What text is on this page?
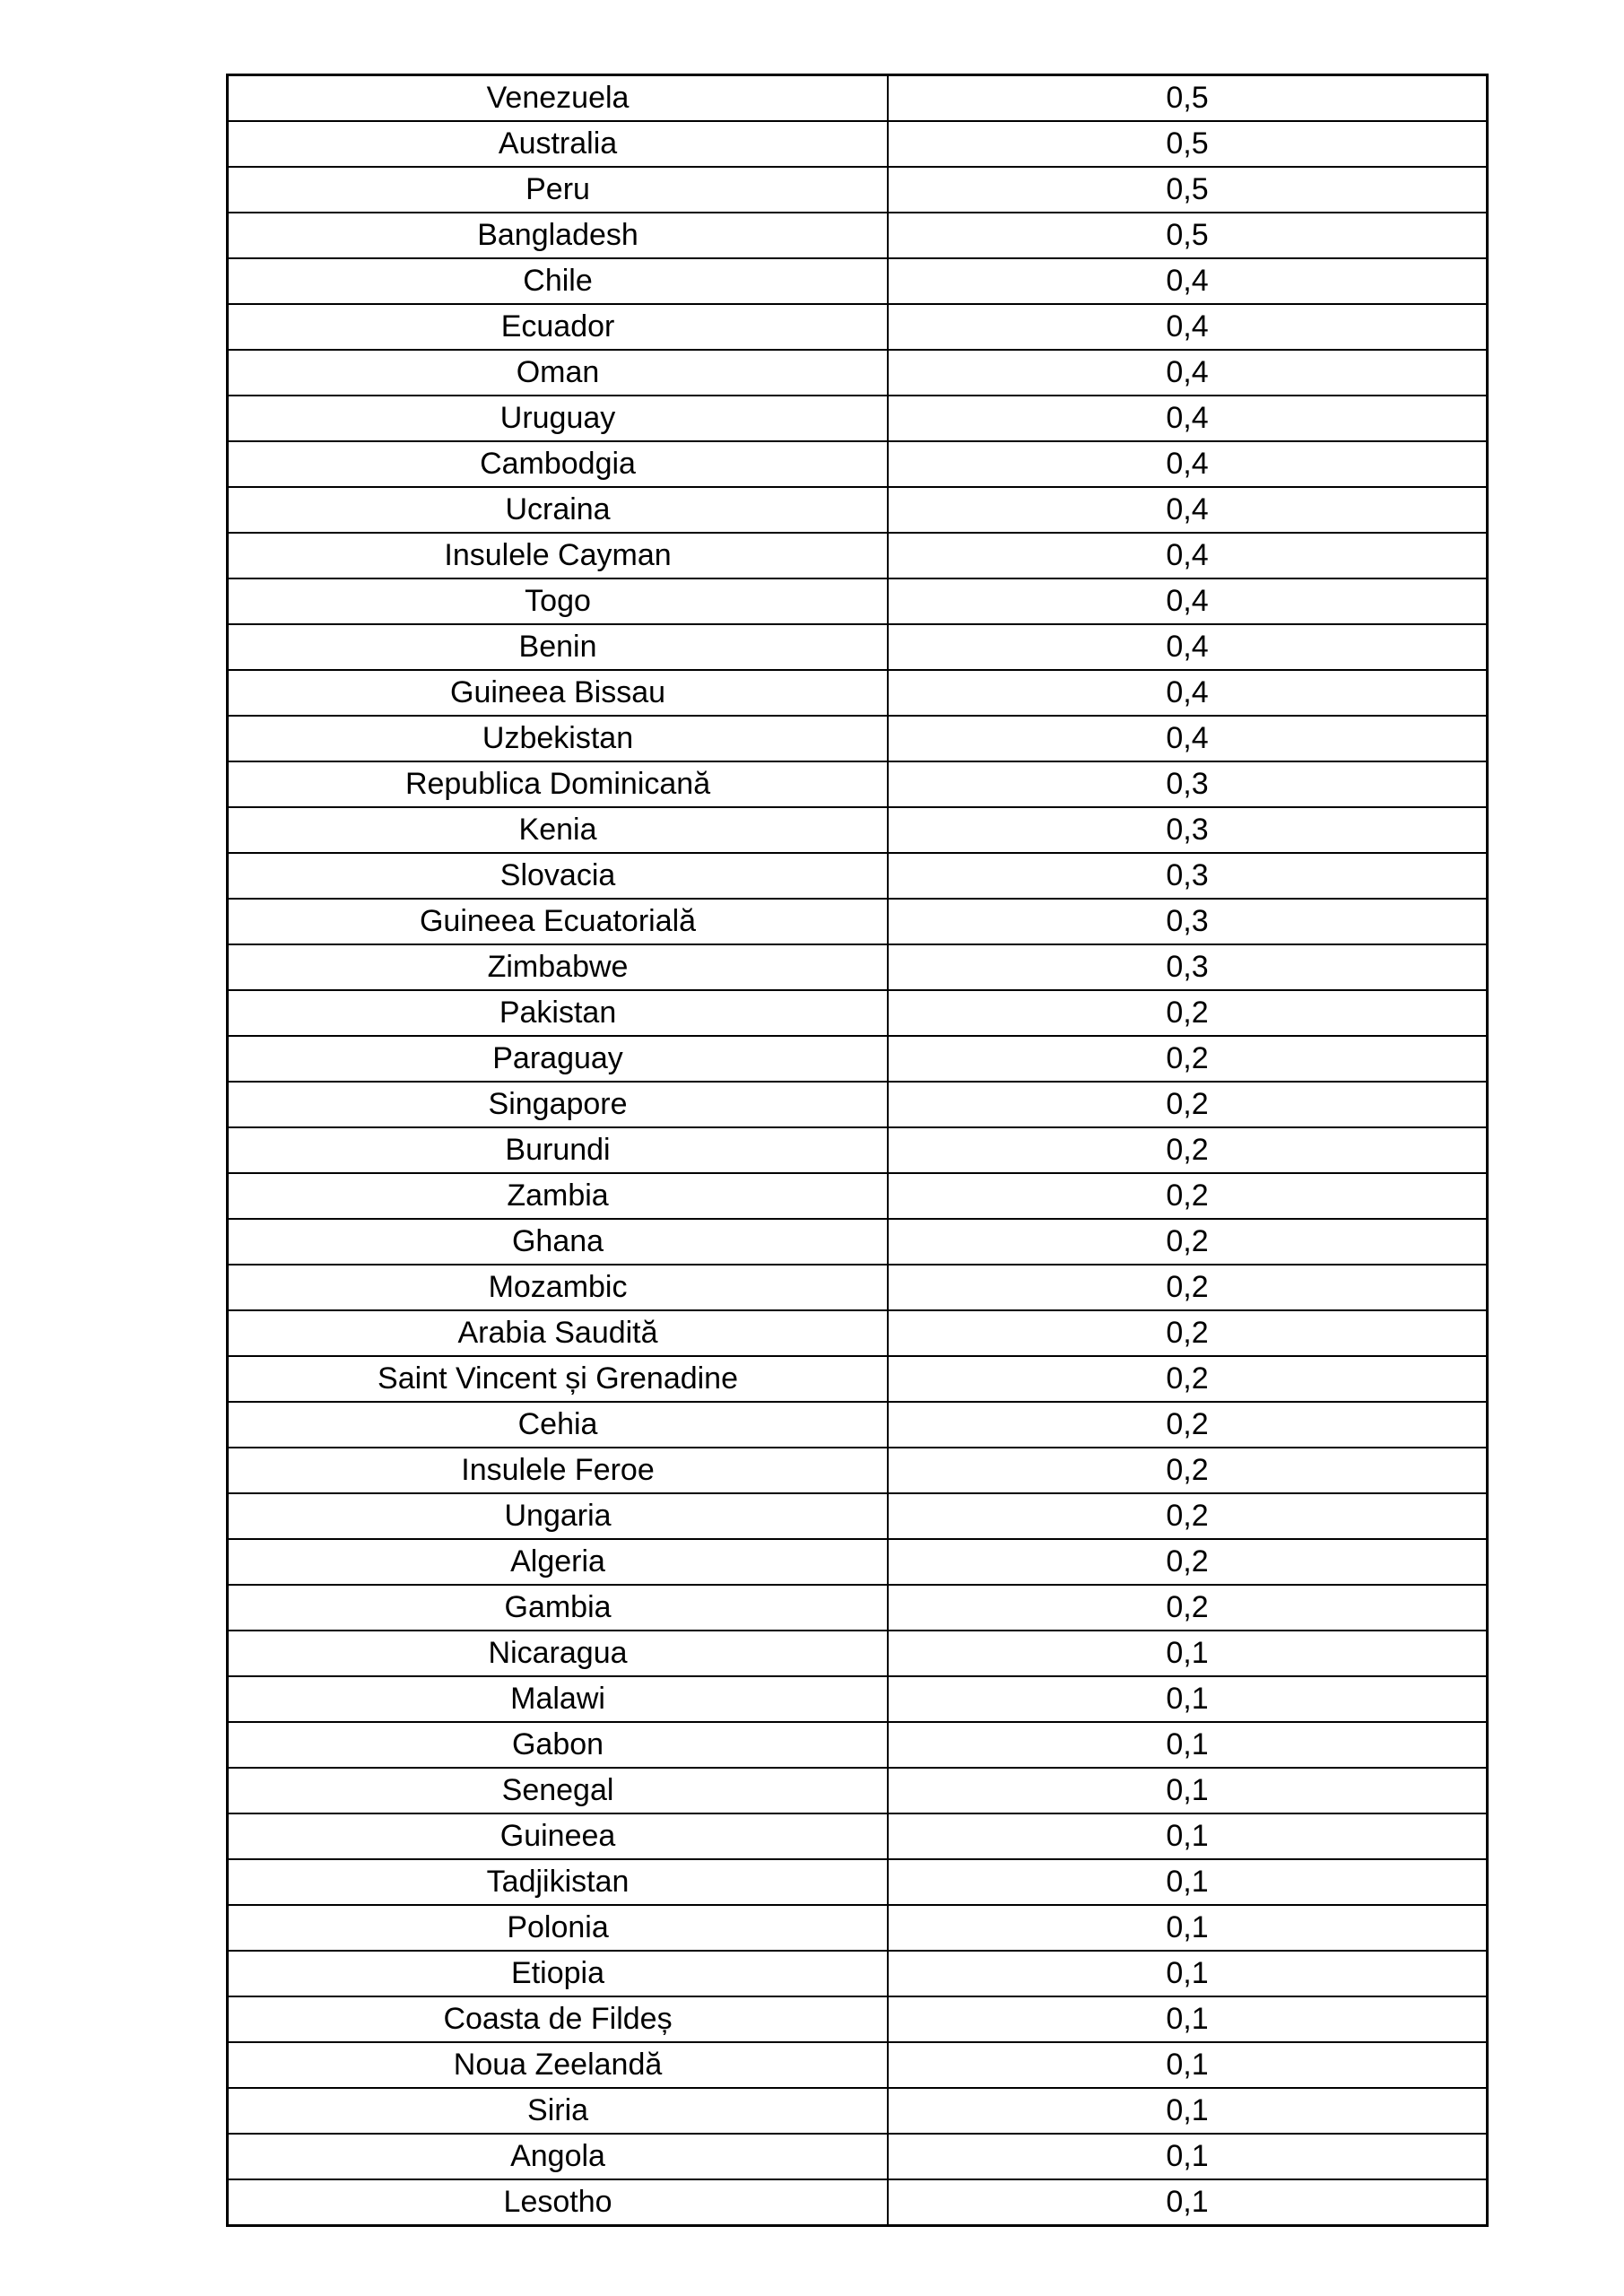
Venezuela	0,5
Australia	0,5
Peru	0,5
Bangladesh	0,5
Chile	0,4
Ecuador	0,4
Oman	0,4
Uruguay	0,4
Cambodgia	0,4
Ucraina	0,4
Insulele Cayman	0,4
Togo	0,4
Benin	0,4
Guineea Bissau	0,4
Uzbekistan	0,4
Republica Dominicană	0,3
Kenia	0,3
Slovacia	0,3
Guineea Ecuatorială	0,3
Zimbabwe	0,3
Pakistan	0,2
Paraguay	0,2
Singapore	0,2
Burundi	0,2
Zambia	0,2
Ghana	0,2
Mozambic	0,2
Arabia Saudită	0,2
Saint Vincent și Grenadine	0,2
Cehia	0,2
Insulele Feroe	0,2
Ungaria	0,2
Algeria	0,2
Gambia	0,2
Nicaragua	0,1
Malawi	0,1
Gabon	0,1
Senegal	0,1
Guineea	0,1
Tadjikistan	0,1
Polonia	0,1
Etiopia	0,1
Coasta de Fildeș	0,1
Noua Zeelandă	0,1
Siria	0,1
Angola	0,1
Lesotho	0,1
